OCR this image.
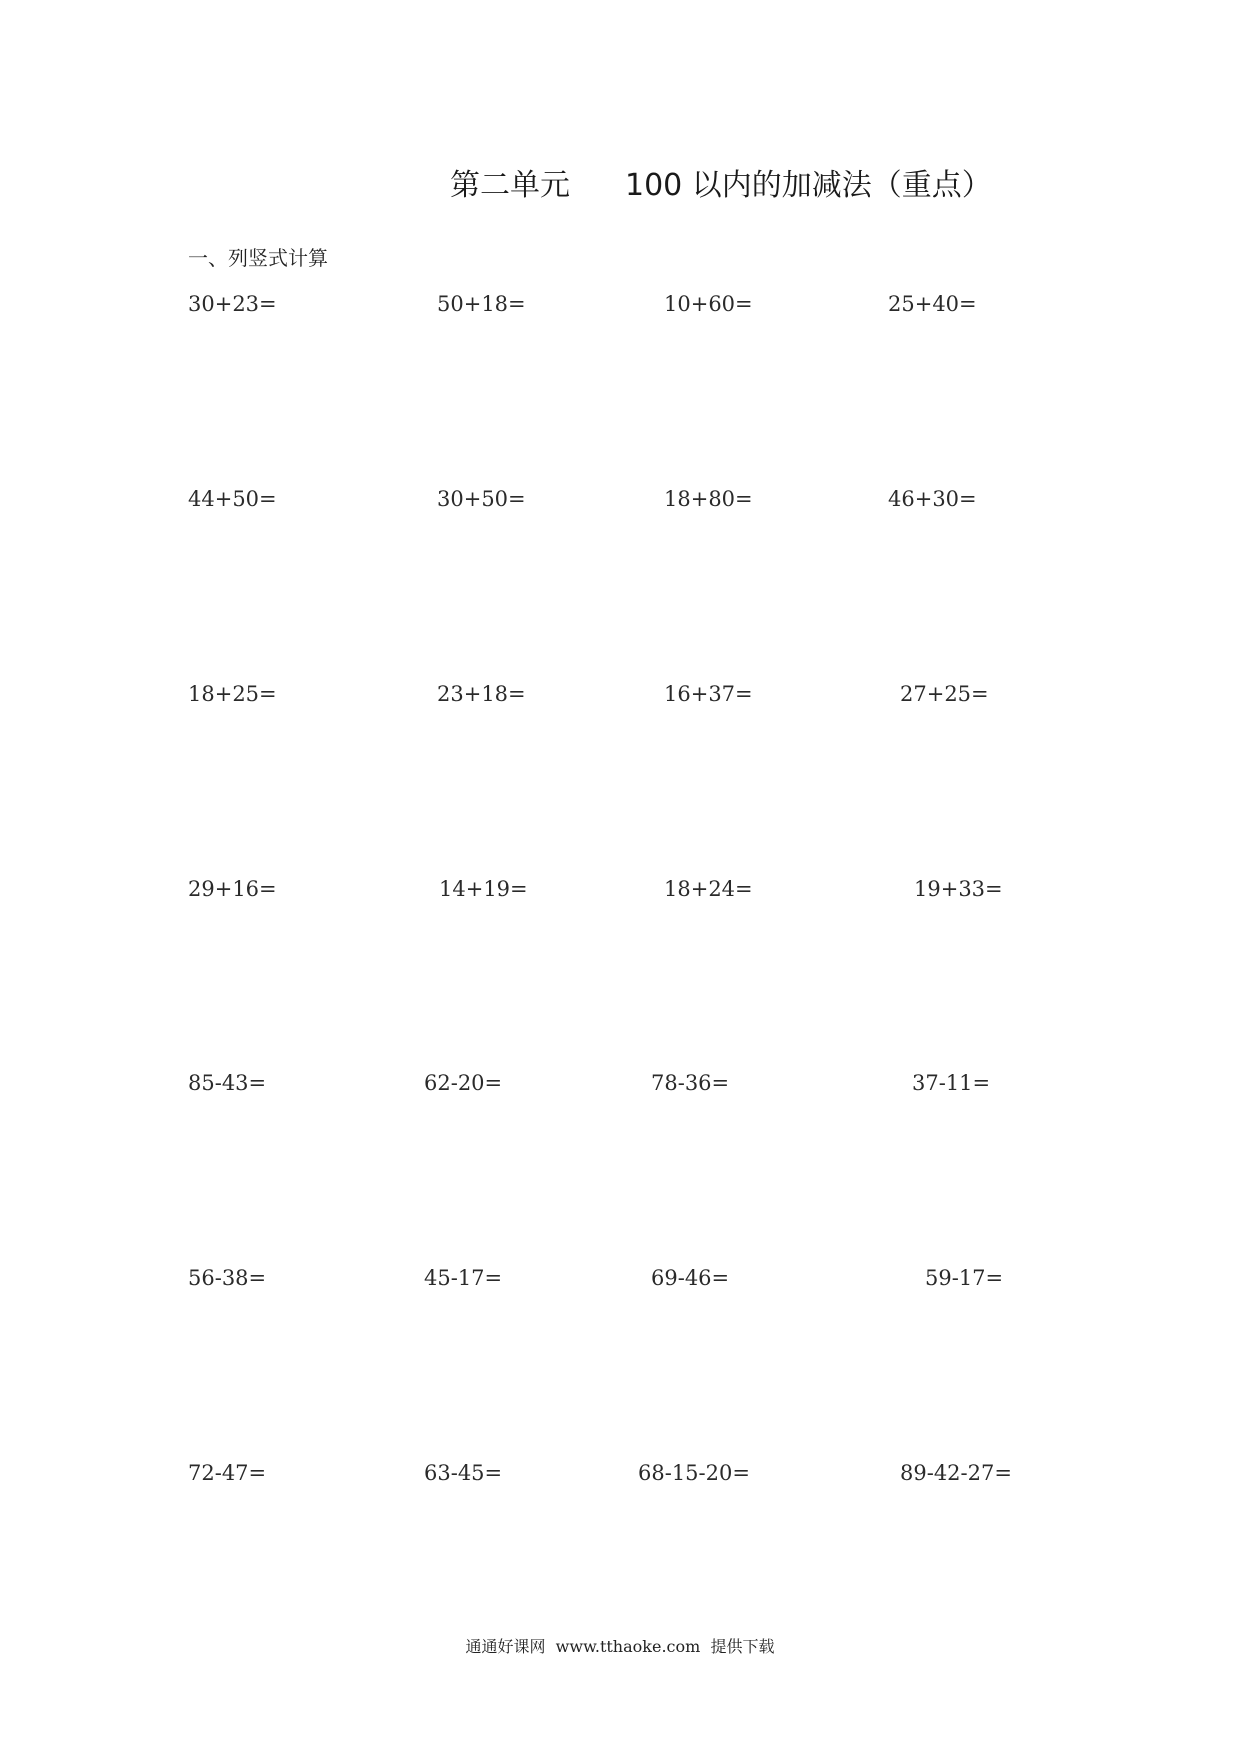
第二单元 100 以内的加减法（重点）
一、列竖式计算
30+23=	50+18=	10+60=	25+40=
44+50=	30+50=	18+80=	46+30=
18+25=	23+18=	16+37=	27+25=
29+16=	14+19=	18+24=	19+33=
85-43=	62-20=	78-36=	37-11=
56-38=	45-17=	69-46=	59-17=
72-47=	63-45=	68-15-20=	89-42-27=
通通好课网  www.tthaoke.com  提供下载
